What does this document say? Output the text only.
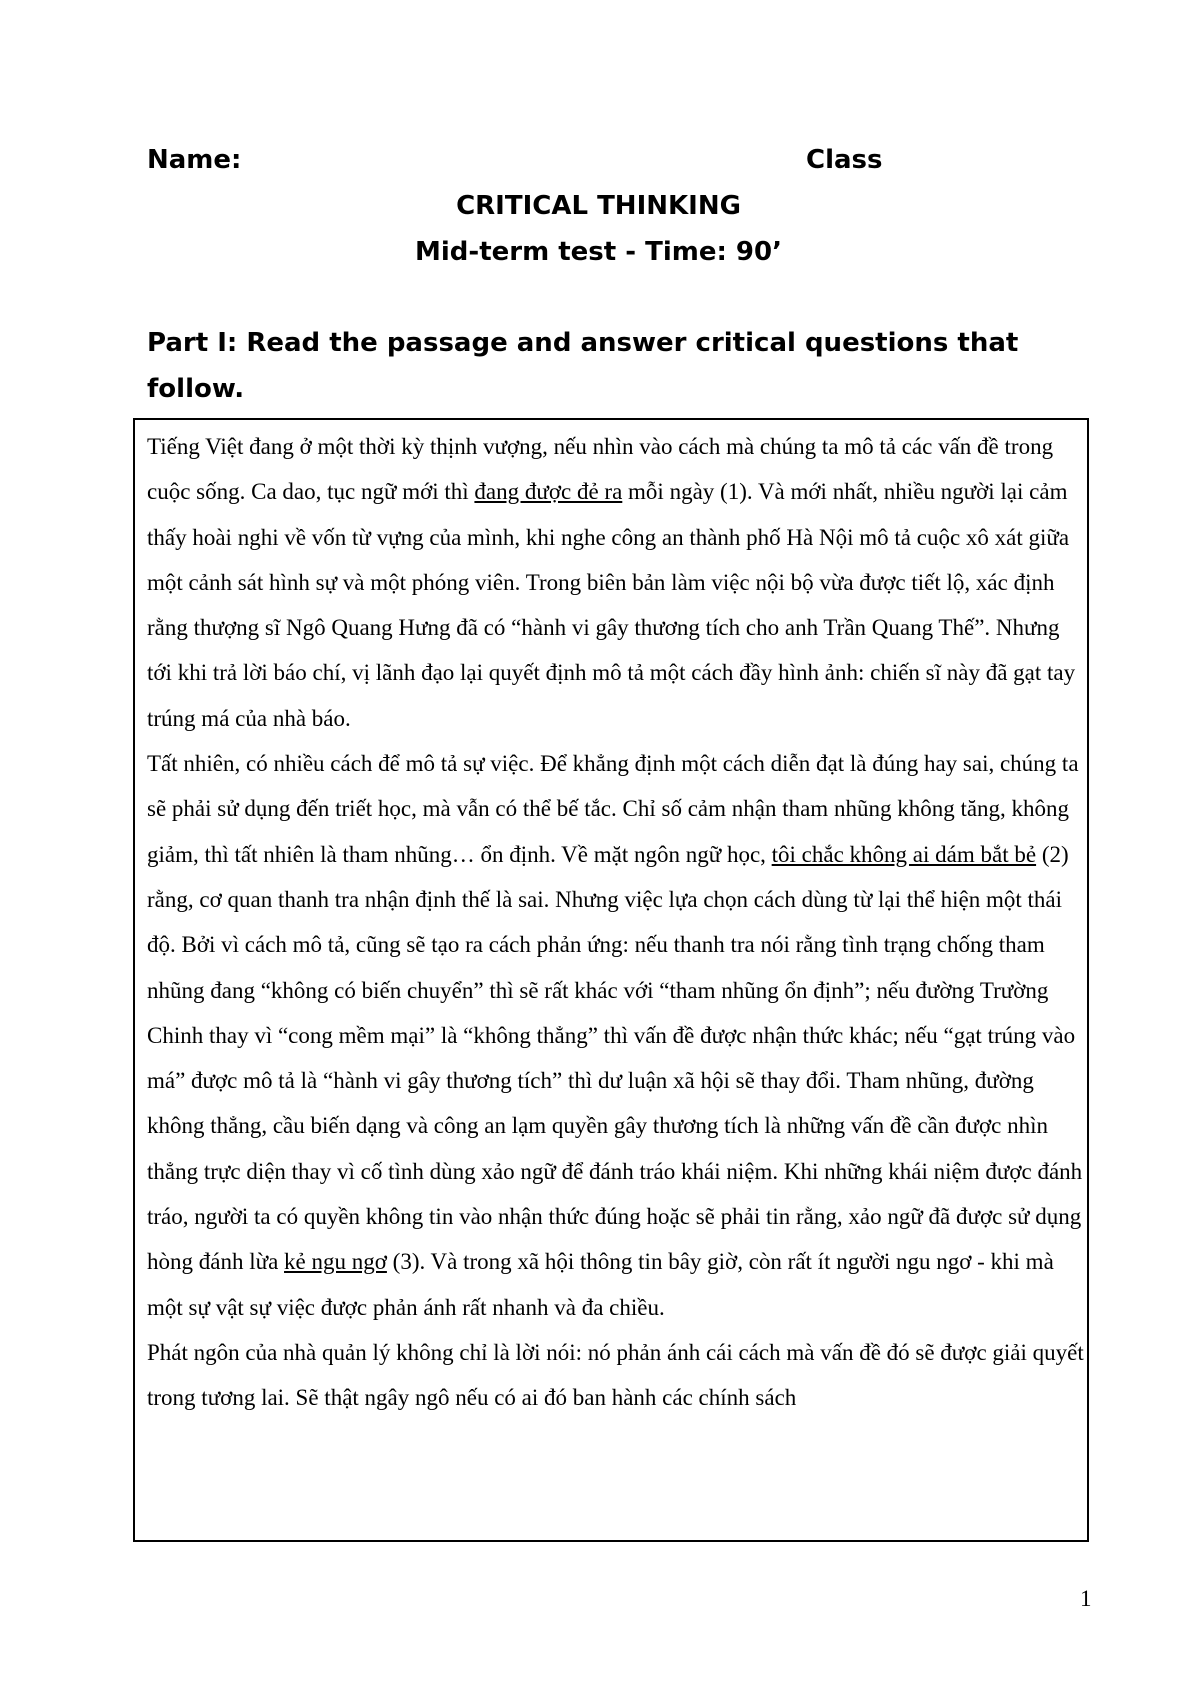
Name:	Class
CRITICAL THINKING
Mid-term test - Time: 90’
Part I: Read the passage and answer critical questions that follow.

Tiếng Việt đang ở một thời kỳ thịnh vượng, nếu nhìn vào cách mà chúng ta mô tả các vấn đề trong cuộc sống. Ca dao, tục ngữ mới thì đang được đẻ ra mỗi ngày (1). Và mới nhất, nhiều người lại cảm thấy hoài nghi về vốn từ vựng của mình, khi nghe công an thành phố Hà Nội mô tả cuộc xô xát giữa một cảnh sát hình sự và một phóng viên. Trong biên bản làm việc nội bộ vừa được tiết lộ, xác định rằng thượng sĩ Ngô Quang Hưng đã có “hành vi gây thương tích cho anh Trần Quang Thế”. Nhưng tới khi trả lời báo chí, vị lãnh đạo lại quyết định mô tả một cách đầy hình ảnh: chiến sĩ này đã gạt tay trúng má của nhà báo.

Tất nhiên, có nhiều cách để mô tả sự việc. Để khẳng định một cách diễn đạt là đúng hay sai, chúng ta sẽ phải sử dụng đến triết học, mà vẫn có thể bế tắc. Chỉ số cảm nhận tham nhũng không tăng, không giảm, thì tất nhiên là tham nhũng… ổn định. Về mặt ngôn ngữ học, tôi chắc không ai dám bắt bẻ (2) rằng, cơ quan thanh tra nhận định thế là sai. Nhưng việc lựa chọn cách dùng từ lại thể hiện một thái độ. Bởi vì cách mô tả, cũng sẽ tạo ra cách phản ứng: nếu thanh tra nói rằng tình trạng chống tham nhũng đang “không có biến chuyển” thì sẽ rất khác với “tham nhũng ổn định”; nếu đường Trường Chinh thay vì “cong mềm mại” là “không thẳng” thì vấn đề được nhận thức khác; nếu “gạt trúng vào má” được mô tả là “hành vi gây thương tích” thì dư luận xã hội sẽ thay đổi. Tham nhũng, đường không thẳng, cầu biến dạng và công an lạm quyền gây thương tích là những vấn đề cần được nhìn thẳng trực diện thay vì cố tình dùng xảo ngữ để đánh tráo khái niệm. Khi những khái niệm được đánh tráo, người ta có quyền không tin vào nhận thức đúng hoặc sẽ phải tin rằng, xảo ngữ đã được sử dụng hòng đánh lừa kẻ ngu ngơ (3). Và trong xã hội thông tin bây giờ, còn rất ít người ngu ngơ - khi mà một sự vật sự việc được phản ánh rất nhanh và đa chiều.

Phát ngôn của nhà quản lý không chỉ là lời nói: nó phản ánh cái cách mà vấn đề đó sẽ được giải quyết trong tương lai. Sẽ thật ngây ngô nếu có ai đó ban hành các chính sách

1
